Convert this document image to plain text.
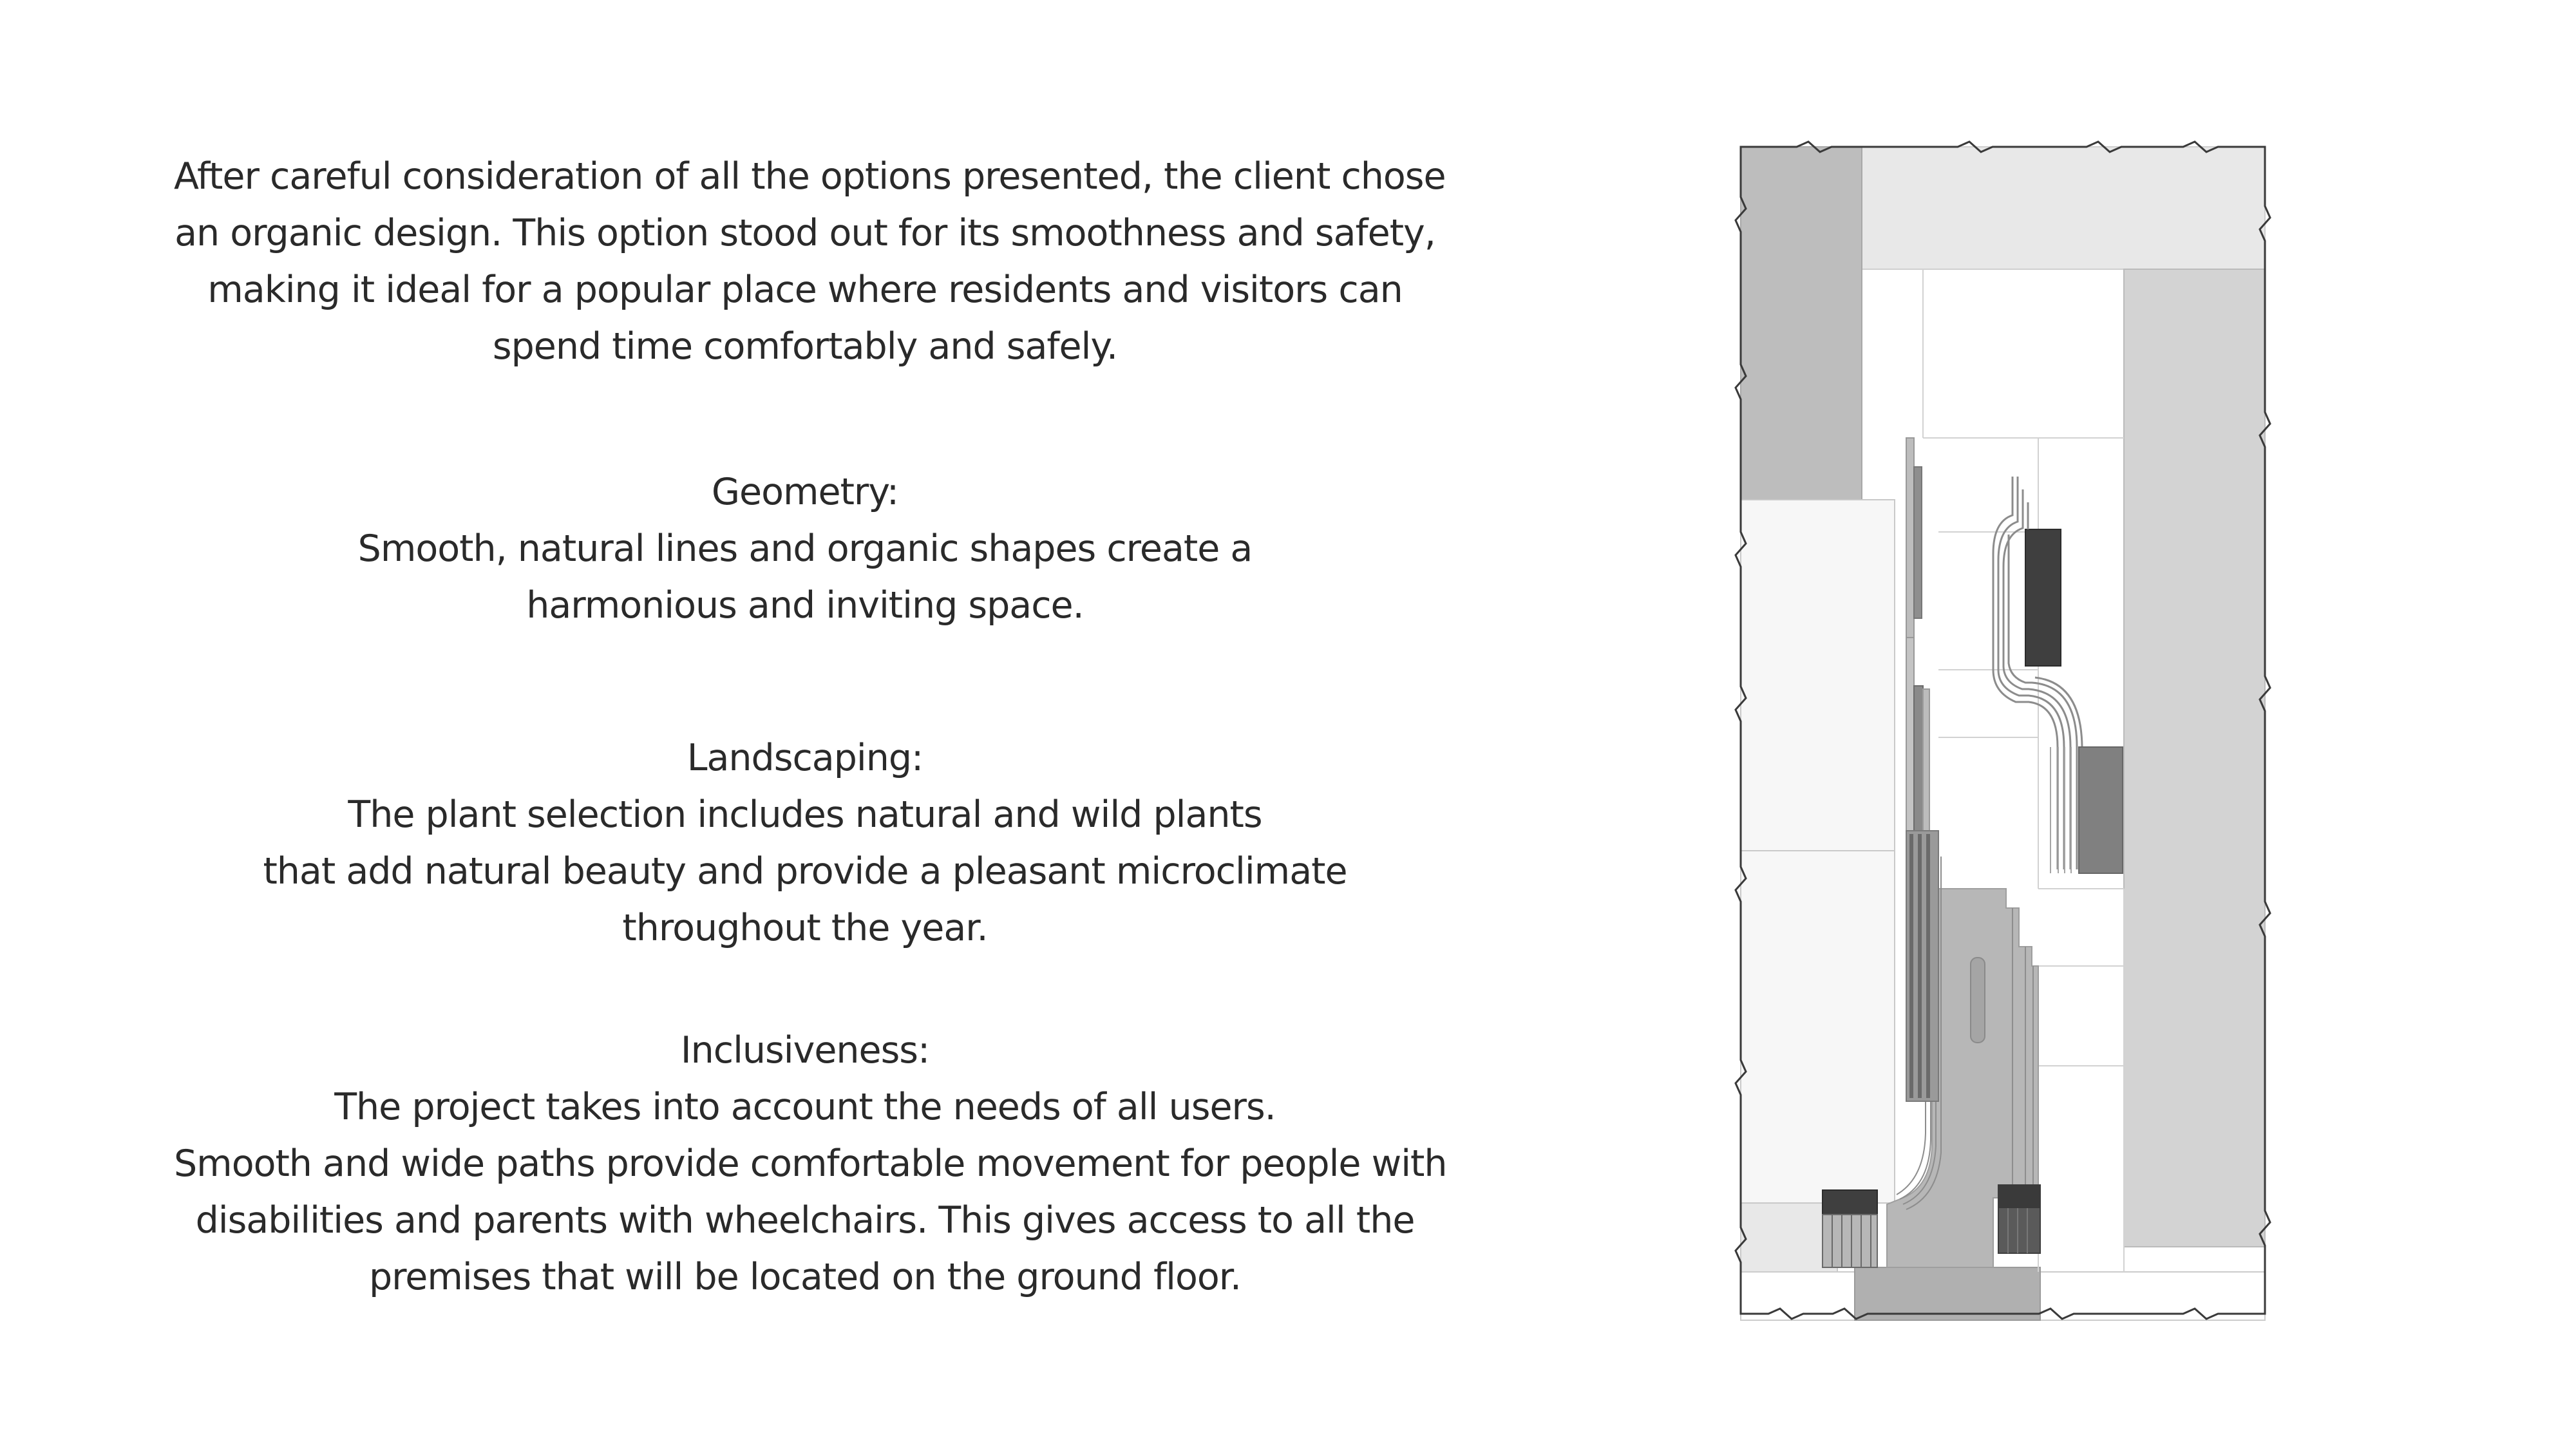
After careful consideration of all the options presented, the client chose

an organic design. This option stood out for its smoothness and safety,

making it ideal for a popular place where residents and visitors can

spend time comfortably and safely.

Geometry:

Smooth, natural lines and organic shapes create a

harmonious and inviting space.

Landscaping:

The plant selection includes natural and wild plants

that add natural beauty and provide a pleasant microclimate

throughout the year.

Inclusiveness:

The project takes into account the needs of all users.

Smooth and wide paths provide comfortable movement for people with

disabilities and parents with wheelchairs. This gives access to all the

premises that will be located on the ground floor.
